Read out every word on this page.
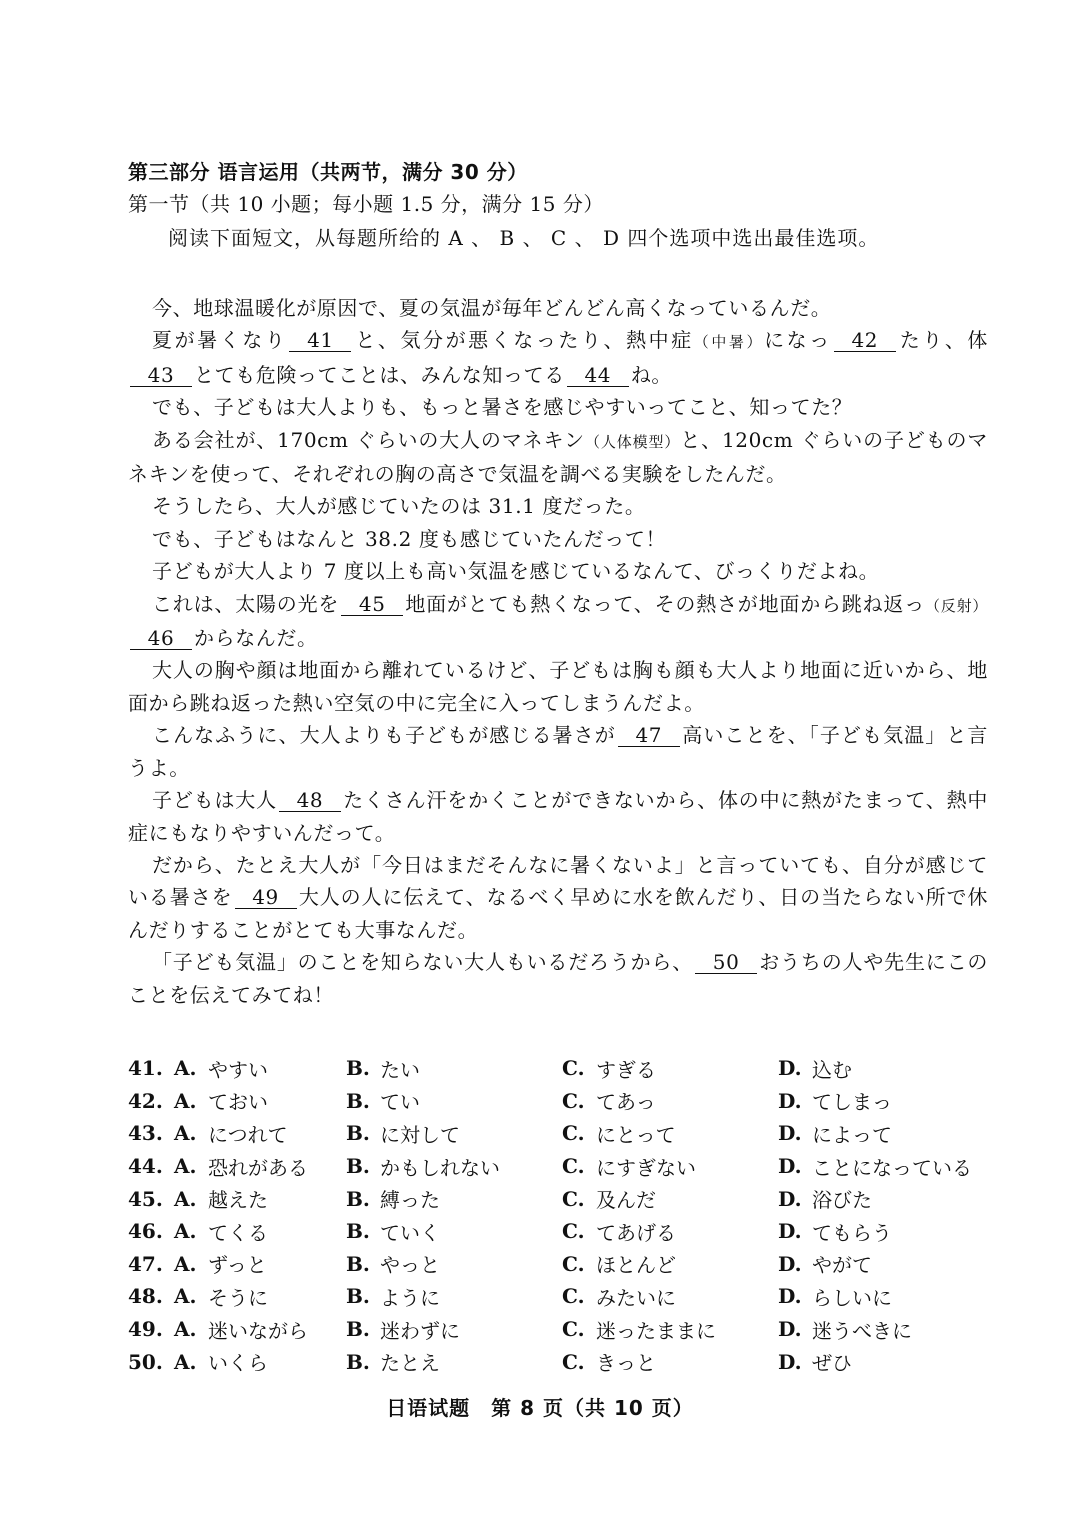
第三部分 语言运用（共两节，满分 30 分）
第一节（共 10 小题；每小题 1.5 分，满分 15 分）
阅读下面短文，从每题所给的 A 、 B 、 C 、 D 四个选项中选出最佳选项。

今、地球温暖化が原因で、夏の気温が毎年どんどん高くなっているんだ。

夏が暑くなり 41 と、気分が悪くなったり、熱中症（中暑）になっ 42 たり、体43 とても危険ってことは、みんな知ってる 44 ね。

でも、子どもは大人よりも、もっと暑さを感じやすいってこと、知ってた？

ある会社が、170cm ぐらいの大人のマネキン（人体模型）と、120cm ぐらいの子どものマネキンを使って、それぞれの胸の高さで気温を調べる実験をしたんだ。

そうしたら、大人が感じていたのは 31.1 度だった。

でも、子どもはなんと 38.2 度も感じていたんだって！

子どもが大人より 7 度以上も高い気温を感じているなんて、びっくりだよね。

これは、太陽の光を 45 地面がとても熱くなって、その熱さが地面から跳ね返っ（反射）46 からなんだ。

大人の胸や顔は地面から離れているけど、子どもは胸も顔も大人より地面に近いから、地面から跳ね返った熱い空気の中に完全に入ってしまうんだよ。

こんなふうに、大人よりも子どもが感じる暑さが 47 高いことを、「子ども気温」と言うよ。

子どもは大人 48 たくさん汗をかくことができないから、体の中に熱がたまって、熱中症にもなりやすいんだって。

だから、たとえ大人が「今日はまだそんなに暑くないよ」と言っていても、自分が感じている暑さを 49 大人の人に伝えて、なるべく早めに水を飲んだり、日の当たらない所で休んだりすることがとても大事なんだ。

「子ども気温」のことを知らない大人もいるだろうから、 50 おうちの人や先生にこのことを伝えてみてね！

41. A. やすい	B. たい	C. すぎる	D. 込む
42. A. ておい	B. てい	C. てあっ	D. てしまっ
43. A. につれて	B. に対して	C. にとって	D. によって
44. A. 恐れがある B. かもしれない	C. にすぎない	D. ことになっている
45. A. 越えた	B. 縛った	C. 及んだ	D. 浴びた
46. A. てくる	B. ていく	C. てあげる	D. てもらう
47. A. ずっと	B. やっと	C. ほとんど	D. やがて
48. A. そうに	B. ように	C. みたいに	D. らしいに
49. A. 迷いながら B. 迷わずに	C. 迷ったままに	D. 迷うべきに
50. A. いくら	B. たとえ	C. きっと	D. ぜひ
日语试题　第 8 页（共 10 页）
